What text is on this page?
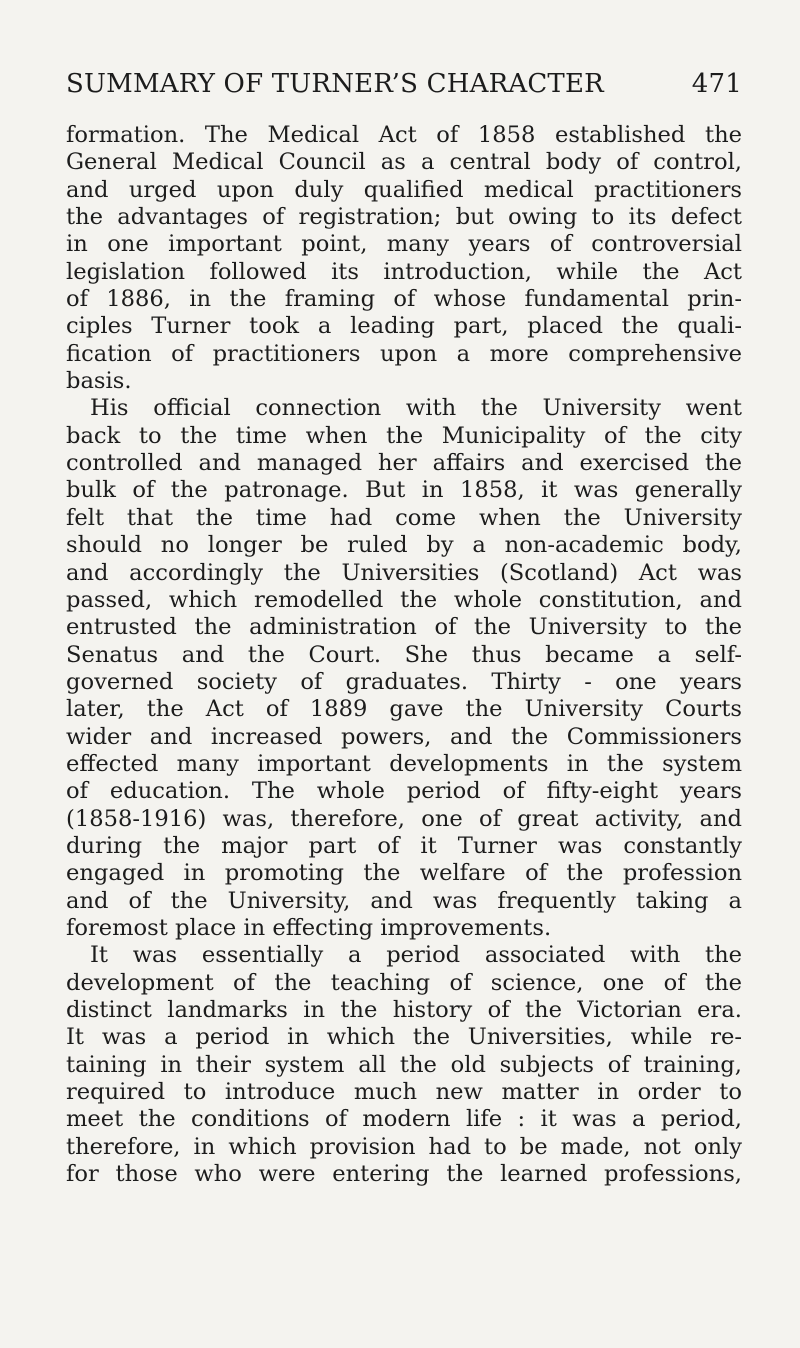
SUMMARY OF TURNER’S CHARACTER	471
formation. The Medical Act of 1858 established the
General Medical Council as a central body of control,
and urged upon duly qualified medical practitioners
the advantages of registration; but owing to its defect
in one important point, many years of controversial
legislation followed its introduction, while the Act
of 1886, in the framing of whose fundamental prin-
ciples Turner took a leading part, placed the quali-
fication of practitioners upon a more comprehensive
basis.
His official connection with the University went
back to the time when the Municipality of the city
controlled and managed her affairs and exercised the
bulk of the patronage. But in 1858, it was generally
felt that the time had come when the University
should no longer be ruled by a non-academic body,
and accordingly the Universities (Scotland) Act was
passed, which remodelled the whole constitution, and
entrusted the administration of the University to the
Senatus and the Court. She thus became a self-
governed society of graduates. Thirty - one years
later, the Act of 1889 gave the University Courts
wider and increased powers, and the Commissioners
effected many important developments in the system
of education. The whole period of fifty-eight years
(1858-1916) was, therefore, one of great activity, and
during the major part of it Turner was constantly
engaged in promoting the welfare of the profession
and of the University, and was frequently taking a
foremost place in effecting improvements.
It was essentially a period associated with the
development of the teaching of science, one of the
distinct landmarks in the history of the Victorian era.
It was a period in which the Universities, while re-
taining in their system all the old subjects of training,
required to introduce much new matter in order to
meet the conditions of modern life : it was a period,
therefore, in which provision had to be made, not only
for those who were entering the learned professions,
